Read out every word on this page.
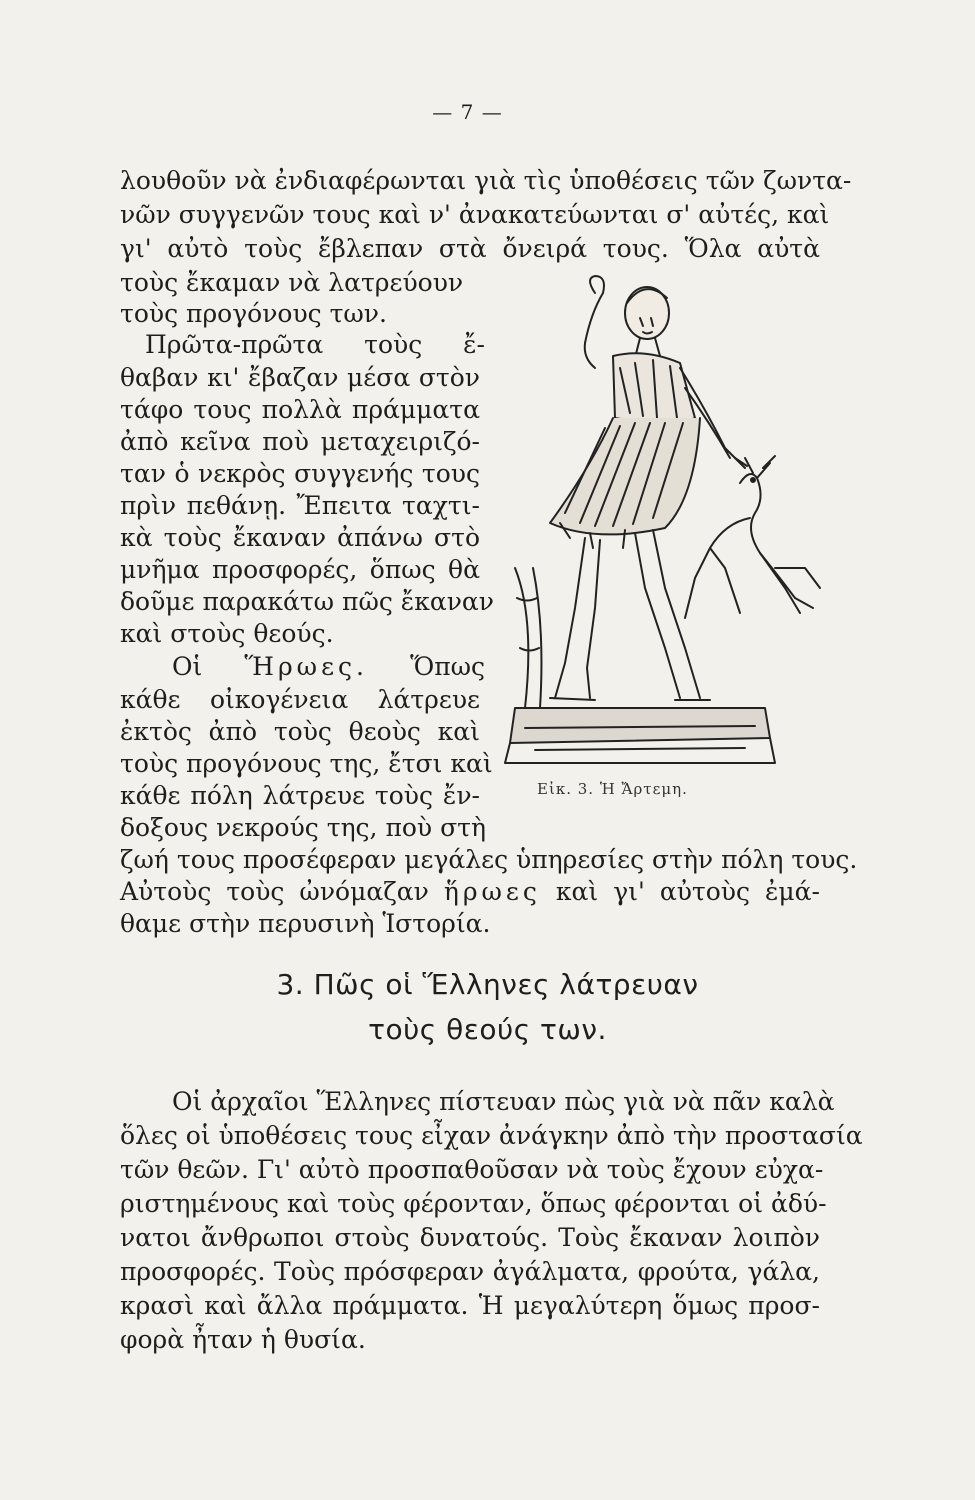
— 7 —
λουθοῦν νὰ ἐνδιαφέρωνται γιὰ τὶς ὑποθέσεις τῶν ζωντα-
νῶν συγγενῶν τους καὶ ν' ἀνακατεύωνται σ' αὐτές, καὶ
γι' αὐτὸ τοὺς ἔβλεπαν στὰ ὄνειρά τους. Ὅλα αὐτὰ
τοὺς ἔκαμαν νὰ λατρεύουν
τοὺς προγόνους των.
Πρῶτα-πρῶτα τοὺς ἔ-
θαβαν κι' ἔβαζαν μέσα στὸν
τάφο τους πολλὰ πράμματα
ἀπὸ κεῖνα ποὺ μεταχειριζό-
ταν ὁ νεκρὸς συγγενής τους
πρὶν πεθάνῃ. Ἔπειτα ταχτι-
κὰ τοὺς ἔκαναν ἀπάνω στὸ
μνῆμα προσφορές, ὅπως θὰ
δοῦμε παρακάτω πῶς ἔκαναν
καὶ στοὺς θεούς.
Οἱ Ἥρωες. Ὅπως
κάθε οἰκογένεια λάτρευε
ἐκτὸς ἀπὸ τοὺς θεοὺς καὶ
τοὺς προγόνους της, ἔτσι καὶ
κάθε πόλη λάτρευε τοὺς ἔν-
δοξους νεκρούς της, ποὺ στὴ
ζωή τους προσέφεραν μεγάλες ὑπηρεσίες στὴν πόλη τους.
Αὐτοὺς τοὺς ὠνόμαζαν ἥρωες καὶ γι' αὐτοὺς ἐμά-
θαμε στὴν περυσινὴ Ἱστορία.
Εἰκ. 3. Ἡ Ἄρτεμη.
3. Πῶς οἱ Ἕλληνες λάτρευαν
τοὺς θεούς των.
Οἱ ἀρχαῖοι Ἕλληνες πίστευαν πὼς γιὰ νὰ πᾶν καλὰ
ὅλες οἱ ὑποθέσεις τους εἶχαν ἀνάγκην ἀπὸ τὴν προστασία
τῶν θεῶν. Γι' αὐτὸ προσπαθοῦσαν νὰ τοὺς ἔχουν εὐχα-
ριστημένους καὶ τοὺς φέρονταν, ὅπως φέρονται οἱ ἀδύ-
νατοι ἄνθρωποι στοὺς δυνατούς. Τοὺς ἔκαναν λοιπὸν
προσφορές. Τοὺς πρόσφεραν ἀγάλματα, φρούτα, γάλα,
κρασὶ καὶ ἄλλα πράμματα. Ἡ μεγαλύτερη ὅμως προσ-
φορὰ ἦταν ἡ θυσία.
